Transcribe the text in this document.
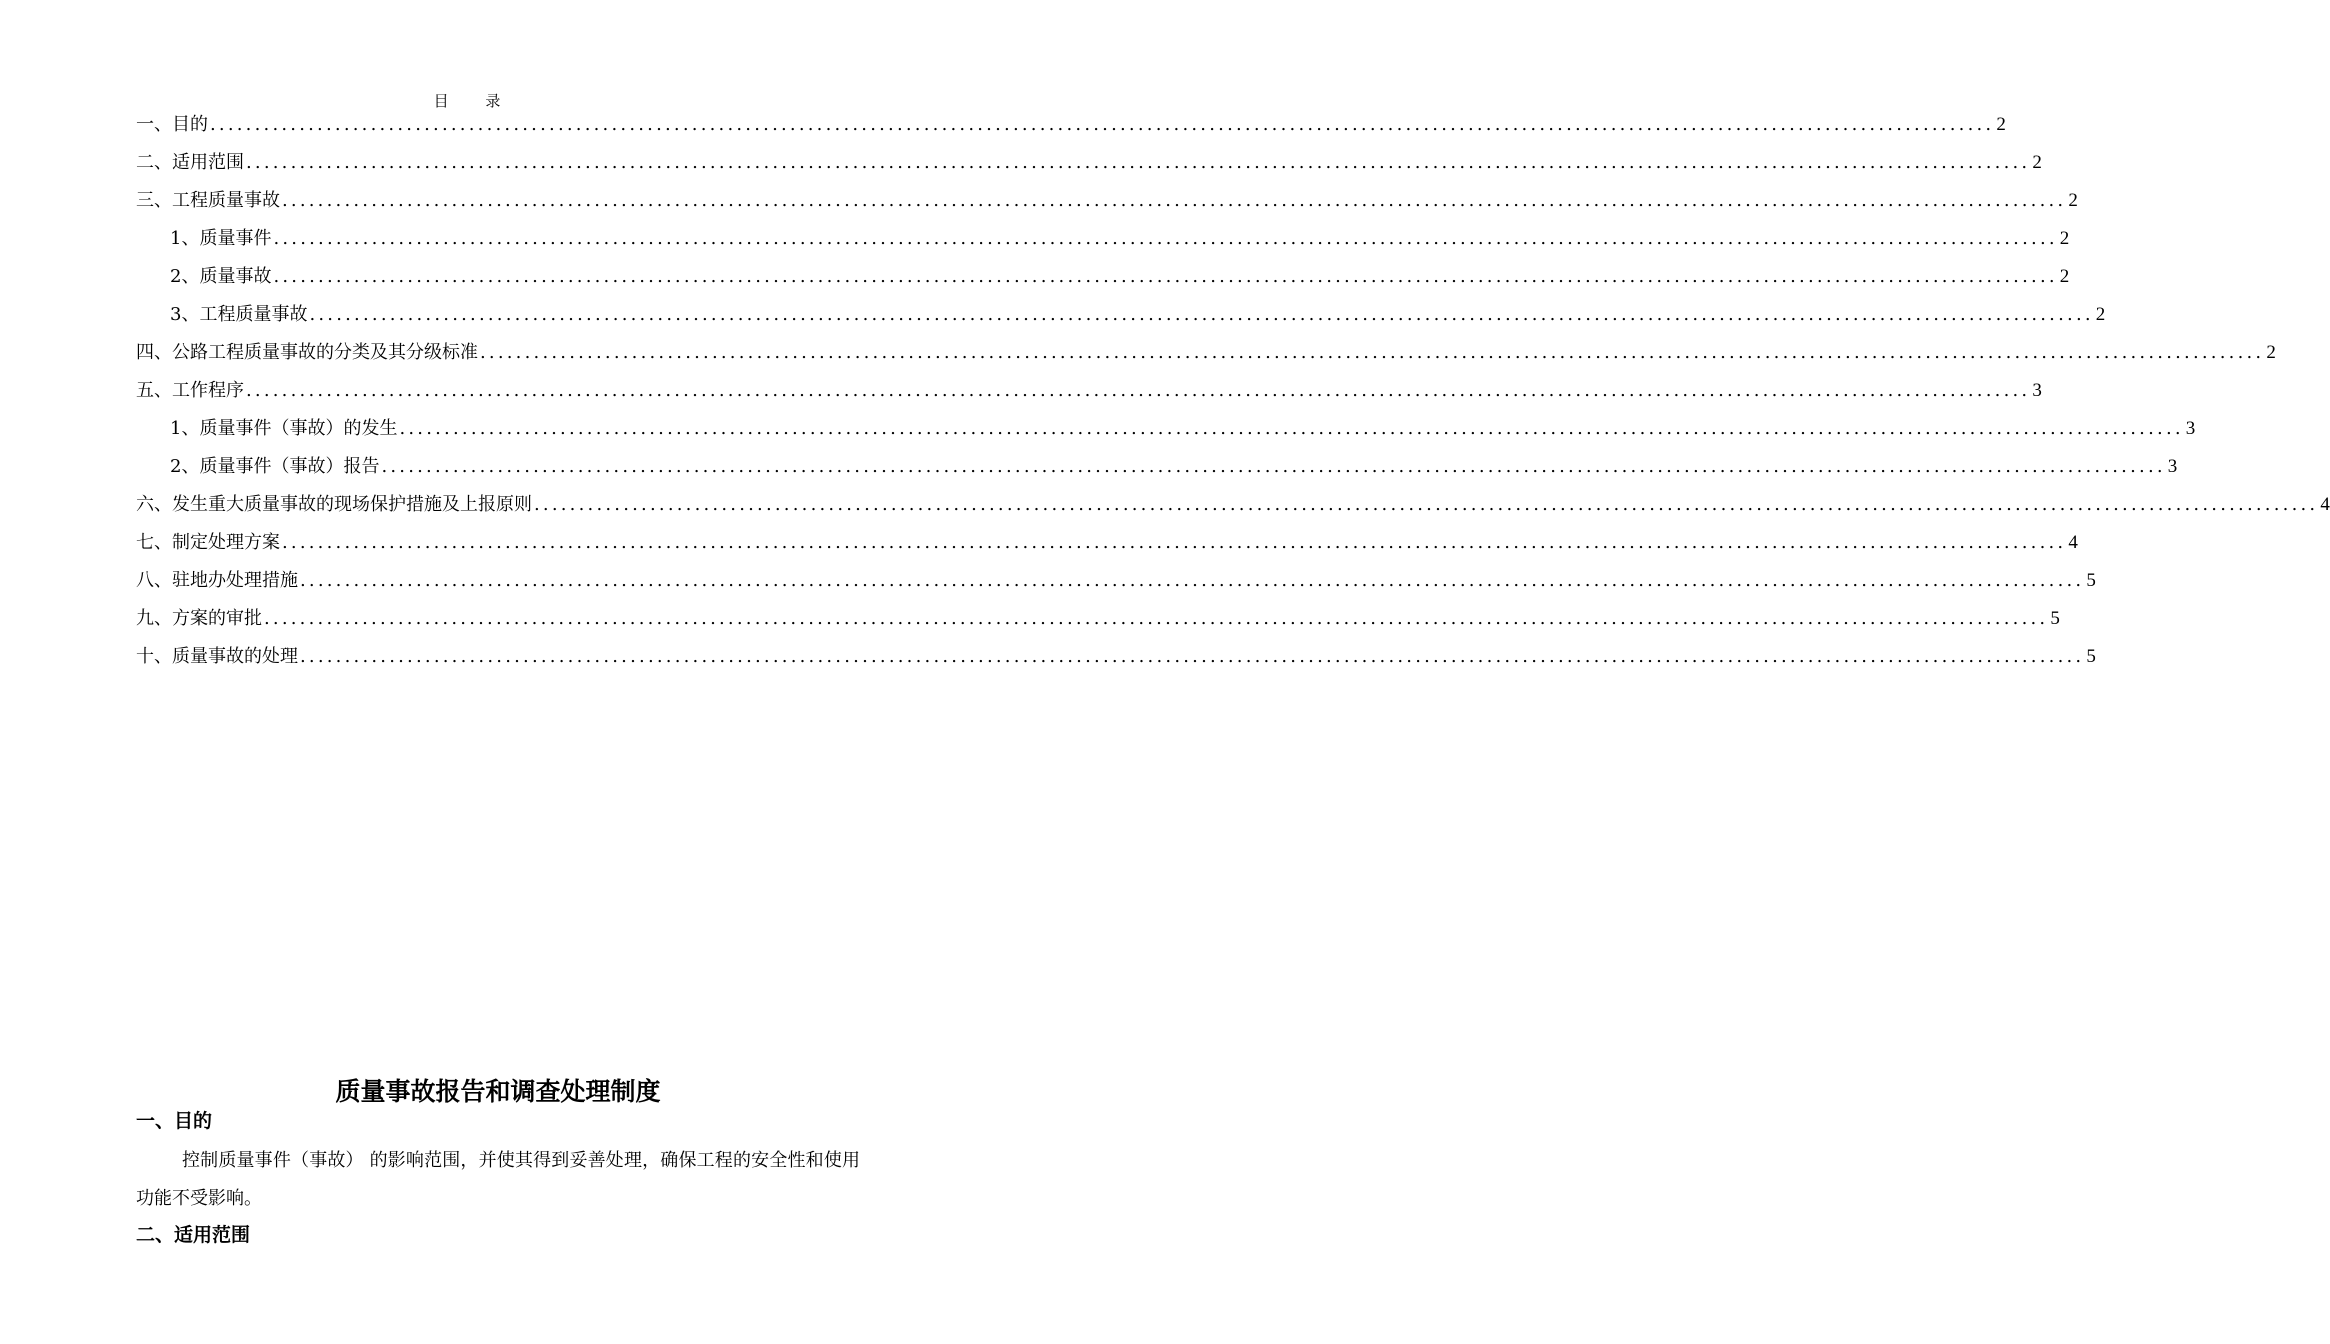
目 录
一、目的 ........................................................................................................................................................................................................ 2
二、适用范围 ........................................................................................................................................................................................................ 2
三、工程质量事故 ........................................................................................................................................................................................................ 2
1、质量事件 ........................................................................................................................................................................................................ 2
2、质量事故 ........................................................................................................................................................................................................ 2
3、工程质量事故 ........................................................................................................................................................................................................ 2
四、公路工程质量事故的分类及其分级标准 ........................................................................................................................................................................................................ 2
五、工作程序 ........................................................................................................................................................................................................ 3
1、质量事件（事故）的发生 ........................................................................................................................................................................................................ 3
2、质量事件（事故）报告 ........................................................................................................................................................................................................ 3
六、发生重大质量事故的现场保护措施及上报原则 ........................................................................................................................................................................................................ 4
七、制定处理方案 ........................................................................................................................................................................................................ 4
八、驻地办处理措施 ........................................................................................................................................................................................................ 5
九、方案的审批 ........................................................................................................................................................................................................ 5
十、质量事故的处理 ........................................................................................................................................................................................................ 5
质量事故报告和调查处理制度
一、目的
控制质量事件（事故） 的影响范围，并使其得到妥善处理，确保工程的安全性和使用功能不受影响。
二、适用范围
